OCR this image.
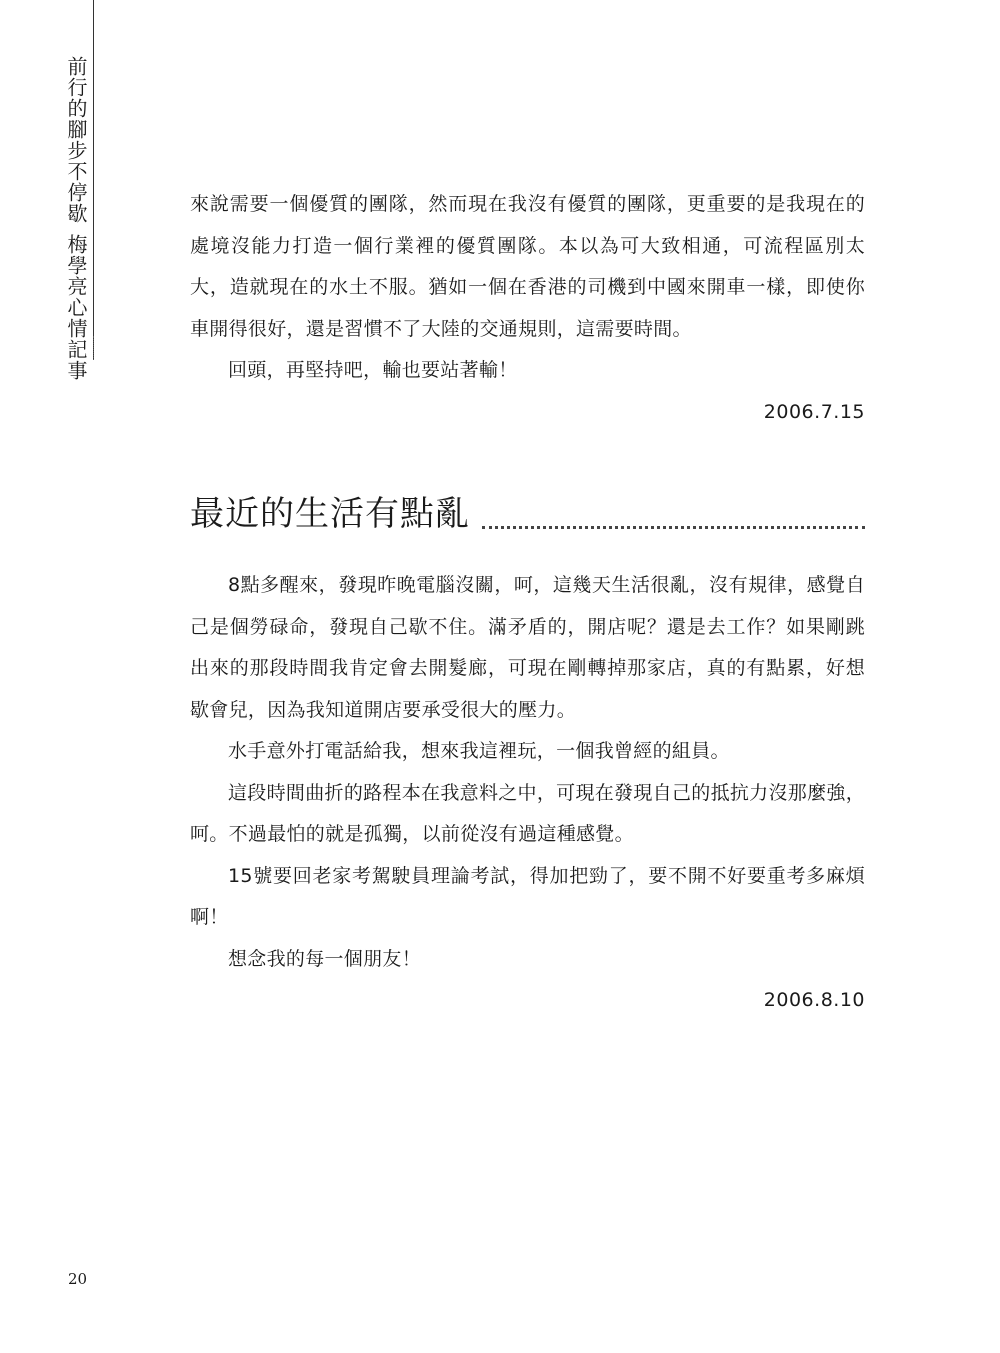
前行的腳步不停歇梅學亮心情記事

來說需要一個優質的團隊，然而現在我沒有優質的團隊，更重要的是我現在的處境沒能力打造一個行業裡的優質團隊。本以為可大致相通，可流程區別太大，造就現在的水土不服。猶如一個在香港的司機到中國來開車一樣，即使你車開得很好，還是習慣不了大陸的交通規則，這需要時間。

回頭，再堅持吧，輸也要站著輸！

2006.7.15

最近的生活有點亂

8點多醒來，發現昨晚電腦沒關，呵，這幾天生活很亂，沒有規律，感覺自己是個勞碌命，發現自己歇不住。滿矛盾的，開店呢？還是去工作？如果剛跳出來的那段時間我肯定會去開髮廊，可現在剛轉掉那家店，真的有點累，好想歇會兒，因為我知道開店要承受很大的壓力。

水手意外打電話給我，想來我這裡玩，一個我曾經的組員。

這段時間曲折的路程本在我意料之中，可現在發現自己的抵抗力沒那麼強，呵。不過最怕的就是孤獨，以前從沒有過這種感覺。

15號要回老家考駕駛員理論考試，得加把勁了，要不開不好要重考多麻煩啊！

想念我的每一個朋友！

2006.8.10

20
